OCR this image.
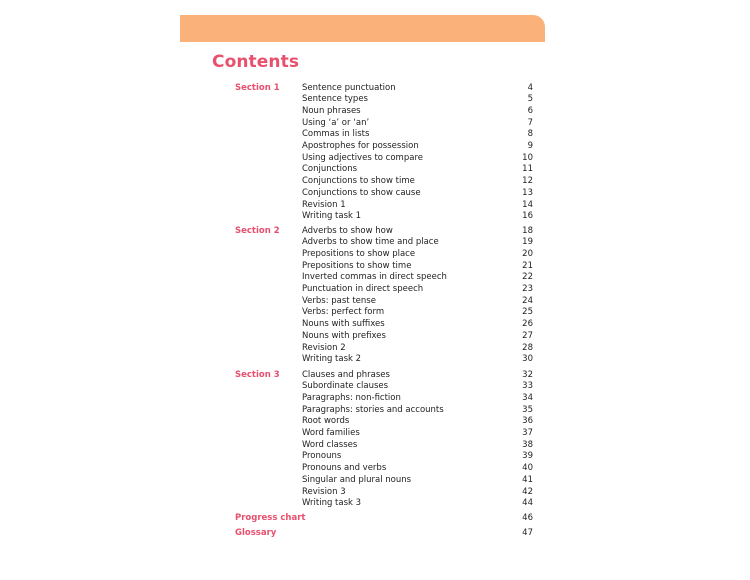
Contents
Section 1	Sentence punctuation	4
Sentence types	5
Noun phrases	6
Using ‘a’ or ‘an’	7
Commas in lists	8
Apostrophes for possession	9
Using adjectives to compare	10
Conjunctions	11
Conjunctions to show time	12
Conjunctions to show cause	13
Revision 1	14
Writing task 1	16
Section 2	Adverbs to show how	18
Adverbs to show time and place	19
Prepositions to show place	20
Prepositions to show time	21
Inverted commas in direct speech	22
Punctuation in direct speech	23
Verbs: past tense	24
Verbs: perfect form	25
Nouns with suffixes	26
Nouns with prefixes	27
Revision 2	28
Writing task 2	30
Section 3	Clauses and phrases	32
Subordinate clauses	33
Paragraphs: non-fiction	34
Paragraphs: stories and accounts	35
Root words	36
Word families	37
Word classes	38
Pronouns	39
Pronouns and verbs	40
Singular and plural nouns	41
Revision 3	42
Writing task 3	44
Progress chart	46
Glossary	47
